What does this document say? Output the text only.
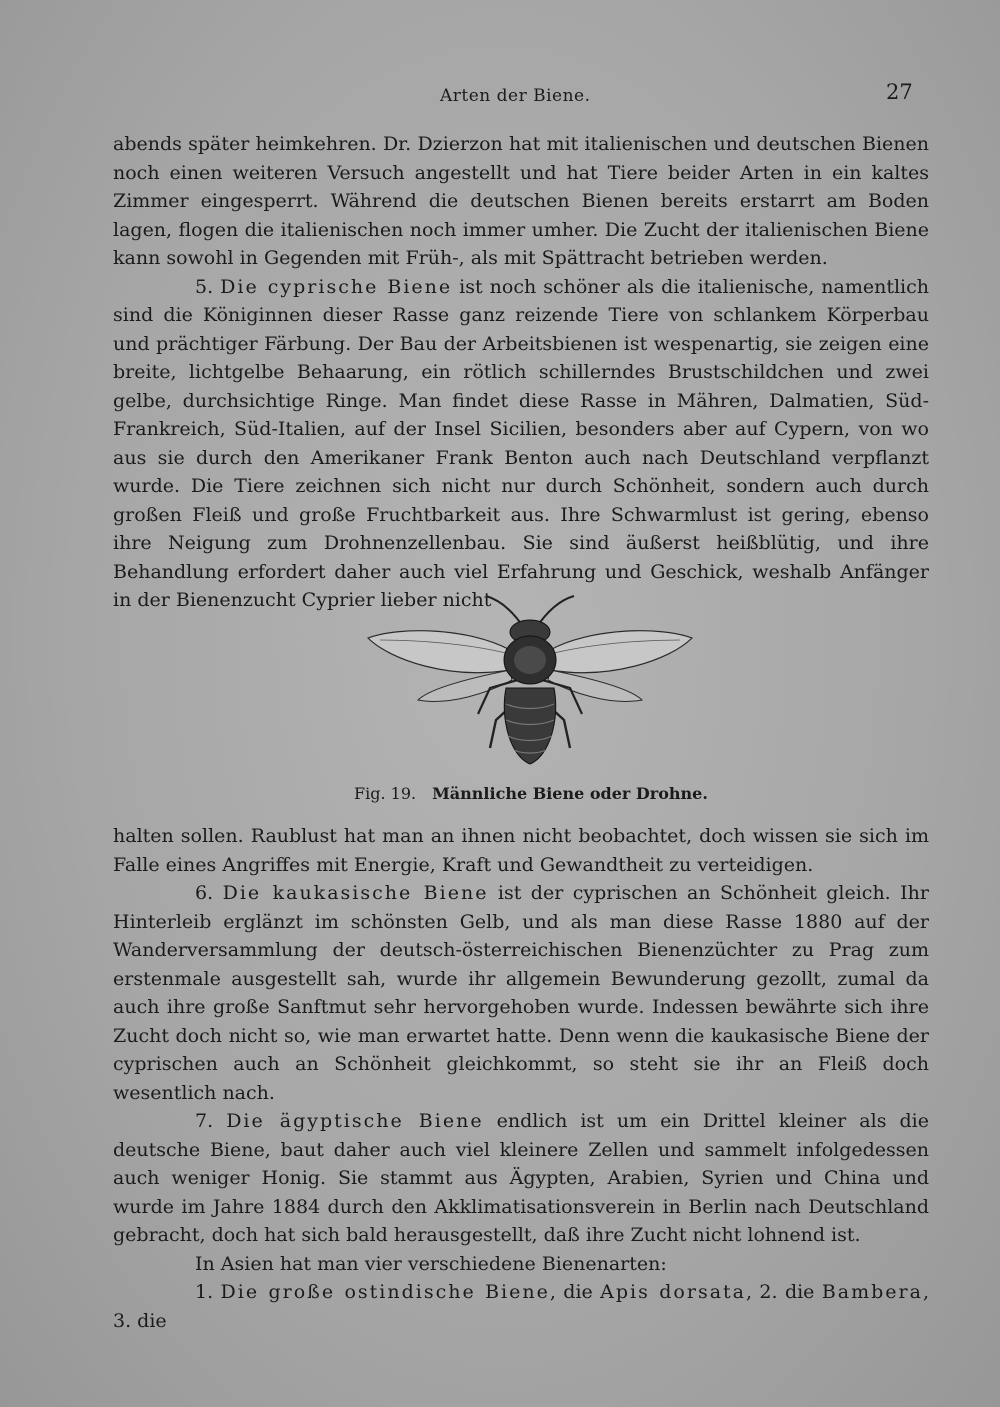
Arten der Biene.	27

abends später heimkehren. Dr. Dzierzon hat mit italienischen und deutschen Bienen noch einen weiteren Versuch angestellt und hat Tiere beider Arten in ein kaltes Zimmer eingesperrt. Während die deutschen Bienen bereits erstarrt am Boden lagen, flogen die italienischen noch immer umher. Die Zucht der italienischen Biene kann sowohl in Gegenden mit Früh-, als mit Spättracht betrieben werden.

5. Die cyprische Biene ist noch schöner als die italienische, namentlich sind die Königinnen dieser Rasse ganz reizende Tiere von schlankem Körperbau und prächtiger Färbung. Der Bau der Arbeitsbienen ist wespenartig, sie zeigen eine breite, lichtgelbe Behaarung, ein rötlich schillerndes Brustschildchen und zwei gelbe, durchsichtige Ringe. Man findet diese Rasse in Mähren, Dalmatien, Süd-Frankreich, Süd-Italien, auf der Insel Sicilien, besonders aber auf Cypern, von wo aus sie durch den Amerikaner Frank Benton auch nach Deutschland verpflanzt wurde. Die Tiere zeichnen sich nicht nur durch Schönheit, sondern auch durch großen Fleiß und große Fruchtbarkeit aus. Ihre Schwarmlust ist gering, ebenso ihre Neigung zum Drohnenzellenbau. Sie sind äußerst heißblütig, und ihre Behandlung erfordert daher auch viel Erfahrung und Geschick, weshalb Anfänger in der Bienenzucht Cyprier lieber nicht

Fig. 19. Männliche Biene oder Drohne.

halten sollen. Raublust hat man an ihnen nicht beobachtet, doch wissen sie sich im Falle eines Angriffes mit Energie, Kraft und Gewandtheit zu verteidigen.

6. Die kaukasische Biene ist der cyprischen an Schönheit gleich. Ihr Hinterleib erglänzt im schönsten Gelb, und als man diese Rasse 1880 auf der Wanderversammlung der deutsch-österreichischen Bienenzüchter zu Prag zum erstenmale ausgestellt sah, wurde ihr allgemein Bewunderung gezollt, zumal da auch ihre große Sanftmut sehr hervorgehoben wurde. Indessen bewährte sich ihre Zucht doch nicht so, wie man erwartet hatte. Denn wenn die kaukasische Biene der cyprischen auch an Schönheit gleichkommt, so steht sie ihr an Fleiß doch wesentlich nach.

7. Die ägyptische Biene endlich ist um ein Drittel kleiner als die deutsche Biene, baut daher auch viel kleinere Zellen und sammelt infolgedessen auch weniger Honig. Sie stammt aus Ägypten, Arabien, Syrien und China und wurde im Jahre 1884 durch den Akklimatisationsverein in Berlin nach Deutschland gebracht, doch hat sich bald herausgestellt, daß ihre Zucht nicht lohnend ist.

In Asien hat man vier verschiedene Bienenarten:

1. Die große ostindische Biene, die Apis dorsata, 2. die Bambera, 3. die
